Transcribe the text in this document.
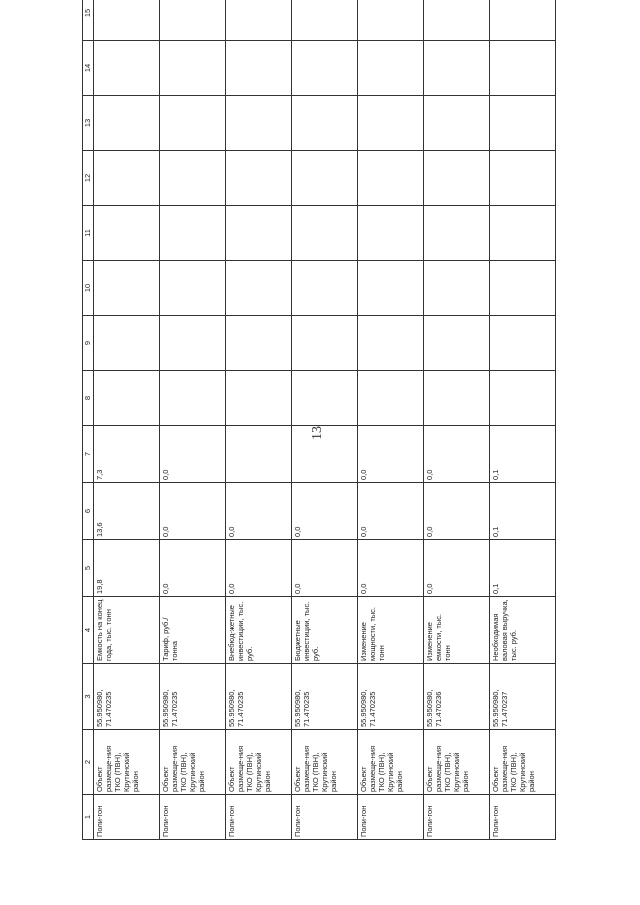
13
1	2	3	4	5	6	7	8	9	10	11	12	13	14	15
Поли-гон	Объект размеще-ния ТКО (ПВН), Крутинский район	55.950980, 71.470235	Емкость на конец года, тыс. тонн	19,8	13,6	7,3								
Поли-гон	Объект размеще-ния ТКО (ПВН), Крутинский район	55.950980, 71.470235	Тариф, руб./тонна	0,0	0,0	0,0								
Поли-гон	Объект размеще-ния ТКО (ПВН), Крутинский район	55.950980, 71.470235	Внебюд-жетные инвестиции, тыс. руб.	0,0	0,0									
Поли-гон	Объект размеще-ния ТКО (ПВН), Крутинский район	55.950980, 71.470235	Бюджетные инвестиции, тыс. руб.	0,0	0,0									
Поли-гон	Объект размеще-ния ТКО (ПВН), Крутинский район	55.950980, 71.470235	Изменение мощности, тыс. тонн	0,0	0,0	0,0								
Поли-гон	Объект размеще-ния ТКО (ПВН), Крутинский район	55.950980, 71.470236	Изменение емкости, тыс. тонн	0,0	0,0	0,0								
Поли-гон	Объект размеще-ния ТКО (ПВН), Крутинский район	55.950980, 71.470237	Необходимая валовая выручка, тыс. руб.	0,1	0,1	0,1								
